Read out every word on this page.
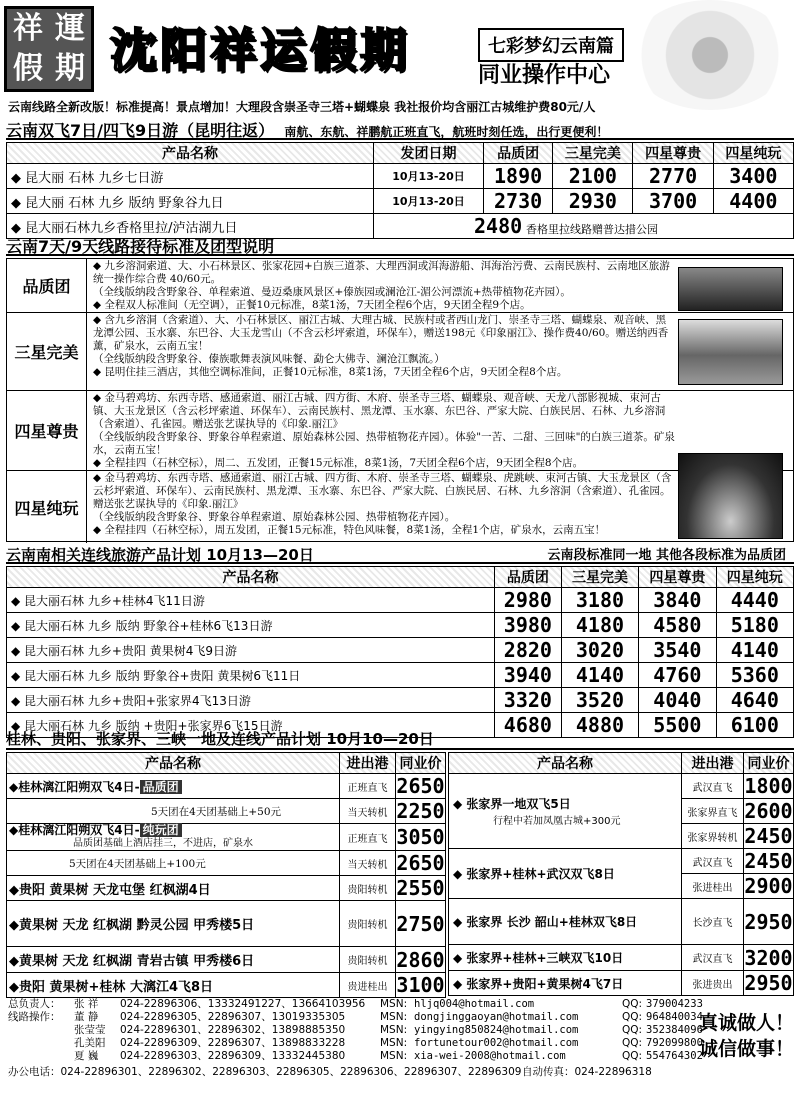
祥 運
假 期 沈阳祥运假期	七彩梦幻云南篇
同业操作中心
云南线路全新改版！标准提高！景点增加！大理段含崇圣寺三塔+蝴蝶泉 我社报价均含丽江古城维护费80元/人
云南双飞7日/四飞9日游（昆明往返） 南航、东航、祥鹏航正班直飞，航班时刻任选，出行更便利！
产品名称	发团日期	品质团	三星完美	四星尊贵	四星纯玩
◆ 昆大丽 石林 九乡七日游	10月13-20日	1890	2100	2770	3400
◆ 昆大丽 石林 九乡 版纳 野象谷九日	10月13-20日	2730	2930	3700	4400
◆ 昆大丽石林九乡香格里拉/泸沽湖九日	2480 香格里拉线路赠普达措公园				
云南7天/9天线路接待标准及团型说明
品质团
◆ 九乡溶洞索道、大、小石林景区、张家花园+白族三道茶、大理西洞或洱海游船、洱海治污费、云南民族村、云南地区旅游统一操作综合费 40/60元。
（全线版纳段含野象谷、单程索道、曼迈桑康风景区+傣族园或澜沧江-湄公河漂流+热带植物花卉园）。
◆ 全程双人标准间（无空调），正餐10元标准，8菜1汤，7天团全程6个店，9天团全程9个店。
三星完美
◆ 含九乡溶洞（含索道）、大、小石林景区、丽江古城、大理古城、民族村或者西山龙门、崇圣寺三塔、蝴蝶泉、观音峡、黑龙潭公园、玉水寨、东巴谷、大玉龙雪山（不含云杉坪索道，环保车），赠送198元《印象丽江》、操作费40/60。赠送纳西香薰，矿泉水，云南五宝！
（全线版纳段含野象谷、傣族歌舞表演风味餐、勐仑大佛寺、澜沧江飘流。）
◆ 昆明住挂三酒店，其他空调标准间，正餐10元标准，8菜1汤，7天团全程6个店，9天团全程8个店。
四星尊贵
◆ 金马碧鸡坊、东西寺塔、感通索道、丽江古城、四方街、木府、崇圣寺三塔、蝴蝶泉、观音峡、天龙八部影视城、束河古镇、大玉龙景区（含云杉坪索道、环保车）、云南民族村、黑龙潭、玉水寨、东巴谷、严家大院、白族民居、石林、九乡溶洞（含索道）、孔雀园。赠送张艺谋执导的《印象.丽江》
（全线版纳段含野象谷、野象谷单程索道、原始森林公园、热带植物花卉园）。体验"一苦、二甜、三回味"的白族三道茶。矿泉水，云南五宝！
◆ 全程挂四（石林空标），周二、五发团，正餐15元标准，8菜1汤，7天团全程6个店，9天团全程8个店。
四星纯玩
◆ 金马碧鸡坊、东西寺塔、感通索道、丽江古城、四方街、木府、崇圣寺三塔、蝴蝶泉、虎跳峡、束河古镇、大玉龙景区（含云杉坪索道、环保车）、云南民族村、黑龙潭、玉水寨、东巴谷、严家大院、白族民居、石林、九乡溶洞（含索道）、孔雀园。赠送张艺谋执导的《印象.丽江》
（全线版纳段含野象谷、野象谷单程索道、原始森林公园、热带植物花卉园）。
◆ 全程挂四（石林空标），周五发团，正餐15元标准，特色风味餐，8菜1汤，全程1个店，矿泉水，云南五宝！
云南南相关连线旅游产品计划 10月13—20日	云南段标准同一地 其他各段标准为品质团
产品名称	品质团	三星完美	四星尊贵	四星纯玩
◆ 昆大丽石林 九乡+桂林4飞11日游	2980	3180	3840	4440
◆ 昆大丽石林 九乡 版纳 野象谷+桂林6飞13日游	3980	4180	4580	5180
◆ 昆大丽石林 九乡+贵阳 黄果树4飞9日游	2820	3020	3540	4140
◆ 昆大丽石林 九乡 版纳 野象谷+贵阳 黄果树6飞11日	3940	4140	4760	5360
◆ 昆大丽石林 九乡+贵阳+张家界4飞13日游	3320	3520	4040	4640
◆ 昆大丽石林 九乡 版纳 +贵阳+张家界6飞15日游	4680	4880	5500	6100
桂林、贵阳、张家界、三峡一地及连线产品计划 10月10—20日
产品名称	进出港	同业价
◆桂林漓江阳朔双飞4日- 品质团	正班直飞	2650
5天团在4天团基础上+50元	当天转机	2250
◆桂林漓江阳朔双飞4日- 纯玩团
品质团基础上酒店挂三，不进店，矿泉水	正班直飞	3050
5天团在4天团基础上+100元	当天转机	2650
◆贵阳 黄果树 天龙屯堡 红枫湖4日	贵阳转机	2550
◆黄果树 天龙 红枫湖 黔灵公园 甲秀楼5日	贵阳转机	2750
◆黄果树 天龙 红枫湖 青岩古镇 甲秀楼6日	贵阳转机	2860
◆贵阳 黄果树+桂林 大漓江4飞8日	贵进桂出	3100
产品名称	进出港	同业价

◆ 张家界一地双飞5日
行程中若加凤凰古城+300元	武汉直飞	1800
	张家界直飞	2600
	张家界转机	2450
◆ 张家界+桂林+武汉双飞8日	武汉直飞	2450
	张进桂出	2900
◆ 张家界 长沙 韶山+桂林双飞8日	长沙直飞	2950
◆ 张家界+桂林+三峡双飞10日	武汉直飞	3200
◆ 张家界+贵阳+黄果树4飞7日	张进贵出	2950
总负责人：
线路操作：
张 祥 024-22896306、13332491227、13664103956 MSN: hljq004@hotmail.com	QQ: 379004233
董 静 024-22896305、22896307、13019335305	MSN: dongjinggaoyan@hotmail.com	QQ: 964840034
张莹莹 024-22896301、22896302、13898885350	MSN: yingying850824@hotmail.com	QQ: 352384096
孔美阳 024-22896309、22896307、13898833228	MSN: fortunetour002@hotmail.com	QQ: 792099800
夏 巍 024-22896303、22896309、13332445380	MSN: xia-wei-2008@hotmail.com	QQ: 554764302
办公电话：024-22896301、22896302、22896303、22896305、22896306、22896307、22896309 自动传真：024-22896318
真诚做人！
诚信做事！
